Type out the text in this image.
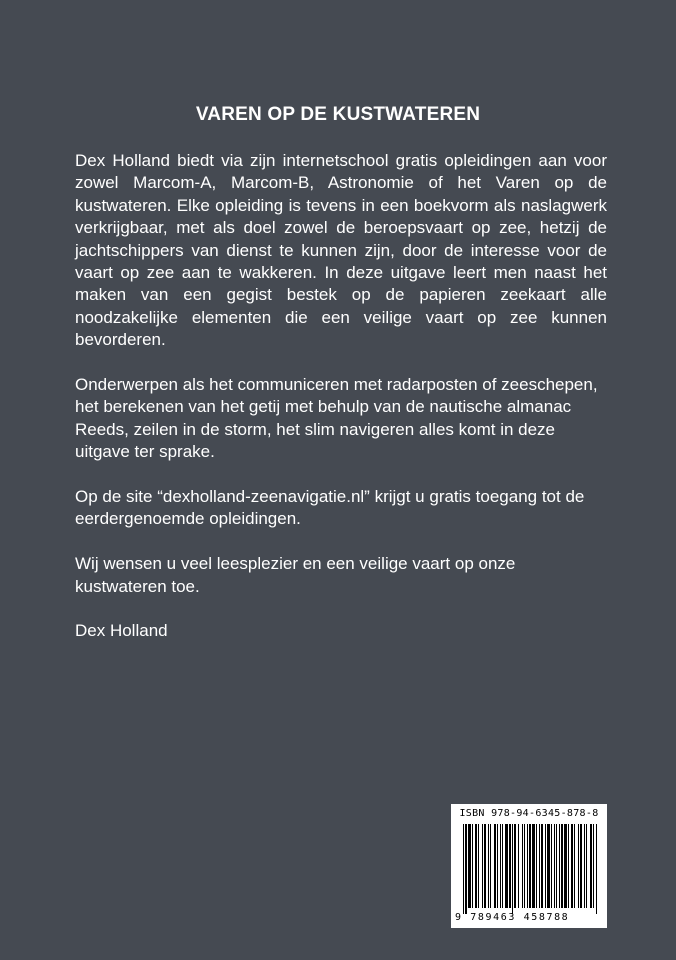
VAREN OP DE KUSTWATEREN

Dex Holland biedt via zijn internetschool gratis opleidingen aan voor zowel Marcom-A, Marcom-B, Astronomie of het Varen op de kustwateren. Elke opleiding is tevens in een boekvorm als naslagwerk verkrijgbaar, met als doel zowel de beroepsvaart op zee, hetzij de jachtschippers van dienst te kunnen zijn, door de interesse voor de vaart op zee aan te wakkeren. In deze uitgave leert men naast het maken van een gegist bestek op de papieren zeekaart alle noodzakelijke elementen die een veilige vaart op zee kunnen bevorderen.

Onderwerpen als het communiceren met radarposten of zeeschepen, het berekenen van het getij met behulp van de nautische almanac Reeds, zeilen in de storm, het slim navigeren alles komt in deze uitgave ter sprake.

Op de site “dexholland-zeenavigatie.nl” krijgt u gratis toegang tot de eerdergenoemde opleidingen.

Wij wensen u veel leesplezier en een veilige vaart op onze kustwateren toe.

Dex Holland

ISBN 978-94-6345-878-8
9 789463 458788
